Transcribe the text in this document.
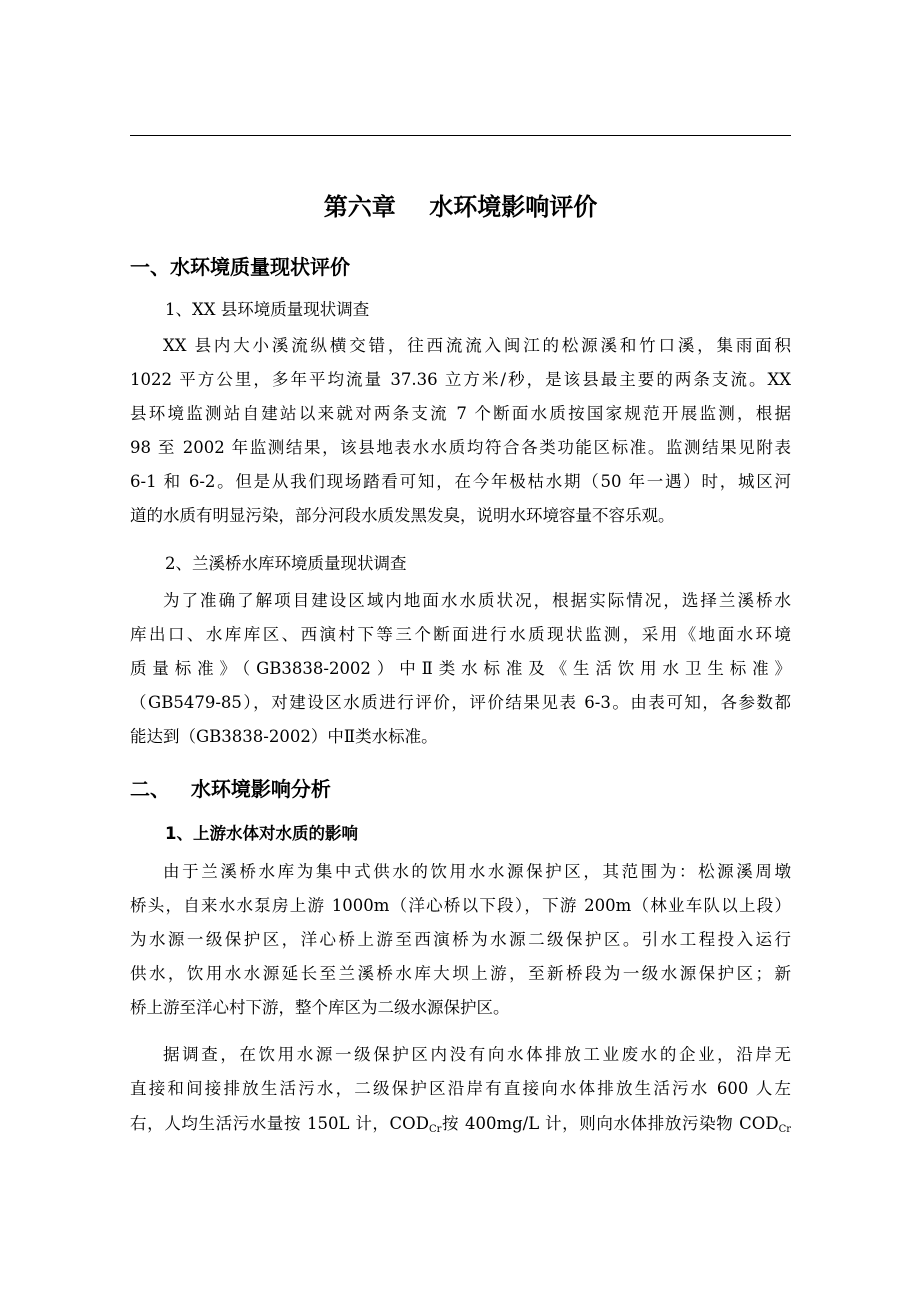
第六章    水环境影响评价
一、水环境质量现状评价
1、XX 县环境质量现状调查
XX 县内大小溪流纵横交错，往西流流入闽江的松源溪和竹口溪，集雨面积
1022 平方公里，多年平均流量 37.36 立方米/秒，是该县最主要的两条支流。XX
县环境监测站自建站以来就对两条支流 7 个断面水质按国家规范开展监测，根据
98 至 2002 年监测结果，该县地表水水质均符合各类功能区标准。监测结果见附表
6-1 和 6-2。但是从我们现场踏看可知，在今年极枯水期（50 年一遇）时，城区河
道的水质有明显污染，部分河段水质发黑发臭，说明水环境容量不容乐观。
2、兰溪桥水库环境质量现状调查
为了准确了解项目建设区域内地面水水质状况，根据实际情况，选择兰溪桥水
库出口、水库库区、西演村下等三个断面进行水质现状监测，采用《地面水环境
质量标准》（GB3838-2002）中Ⅱ类水标准及《生活饮用水卫生标准》
（GB5479-85），对建设区水质进行评价，评价结果见表 6-3。由表可知，各参数都
能达到（GB3838-2002）中Ⅱ类水标准。
二、   水环境影响分析
1、上游水体对水质的影响
由于兰溪桥水库为集中式供水的饮用水水源保护区，其范围为：松源溪周墩
桥头，自来水水泵房上游 1000m（洋心桥以下段），下游 200m（林业车队以上段）
为水源一级保护区，洋心桥上游至西演桥为水源二级保护区。引水工程投入运行
供水，饮用水水源延长至兰溪桥水库大坝上游，至新桥段为一级水源保护区；新
桥上游至洋心村下游，整个库区为二级水源保护区。
据调查，在饮用水源一级保护区内没有向水体排放工业废水的企业，沿岸无
直接和间接排放生活污水，二级保护区沿岸有直接向水体排放生活污水 600 人左
右，人均生活污水量按 150L 计，$COD_{Cr}$按 400mg/L 计，则向水体排放污染物 $COD_{Cr}$
